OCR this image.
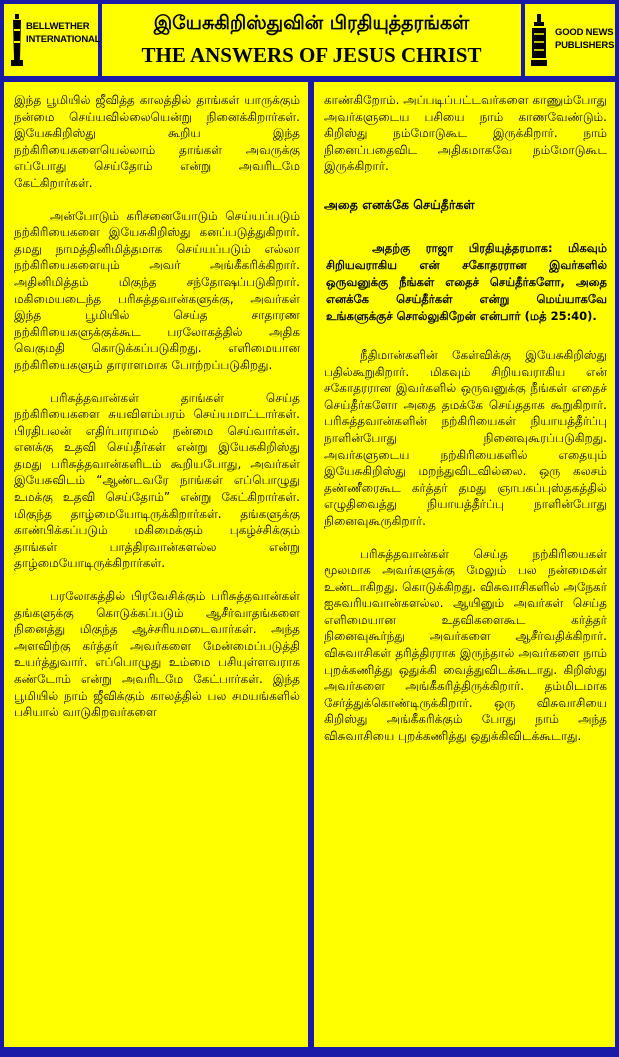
BELLWETHER
INTERNATIONAL
இயேசுகிறிஸ்துவின் பிரதியுத்தரங்கள்
THE ANSWERS OF JESUS CHRIST
GOOD NEWS
PUBLISHERS

இந்த பூமியில் ஜீவித்த காலத்தில் தாங்கள் யாருக்கும் நன்மை செய்யவில்லையென்று நினைக்கிறார்கள். இயேசுகிறிஸ்து கூறிய இந்த நற்கிரியைகளையெல்லாம் தாங்கள் அவருக்கு எப்போது செய்தோம் என்று அவரிடமே கேட்கிறார்கள்.

அன்போடும் கரிசனையோடும் செய்யப்படும் நற்கிரியைகளை இயேசுகிறிஸ்து கனப்படுத்துகிறார். தமது நாமத்தினிமித்தமாக செய்யப்படும் எல்லா நற்கிரியைகளையும் அவர் அங்கீகரிக்கிறார். அதினிமித்தம் மிகுந்த சந்தோஷப்படுகிறார். மகிமையடைந்த பரிசுத்தவான்களுக்கு, அவர்கள் இந்த பூமியில் செய்த சாதாரண நற்கிரியைகளுக்குக்கூட பரலோகத்தில் அதிக வெகுமதி கொடுக்கப்படுகிறது. எளிமையான நற்கிரியைகளும் தாராளமாக போற்றப்படுகிறது.

பரிசுத்தவான்கள் தாங்கள் செய்த நற்கிரியைகளை சுயவிளம்பரம் செய்யமாட்டார்கள். பிரதிபலன் எதிர்பாராமல் நன்மை செய்வார்கள். எனக்கு உதவி செய்தீர்கள் என்று இயேசுகிறிஸ்து தமது பரிசுத்தவான்களிடம் கூறியபோது, அவர்கள் இயேசுவிடம் “ஆண்டவரே நாங்கள் எப்பொழுது உமக்கு உதவி செய்தோம்” என்று கேட்கிறார்கள். மிகுந்த தாழ்மையோடிருக்கிறார்கள். தங்களுக்கு காண்பிக்கப்படும் மகிமைக்கும் புகழ்ச்சிக்கும் தாங்கள் பாத்திரவான்களல்ல என்று தாழ்மையோடிருக்கிறார்கள்.

பரலோகத்தில் பிரவேசிக்கும் பரிசுத்தவான்கள் தங்களுக்கு கொடுக்கப்படும் ஆசீர்வாதங்களை நினைத்து மிகுந்த ஆச்சரியமடைவார்கள். அந்த அளவிற்கு கர்த்தர் அவர்களை மேன்மைப்படுத்தி உயர்த்துவார். எப்பொழுது உம்மை பசியுள்ளவராக கண்டோம் என்று அவரிடமே கேட்பார்கள். இந்த பூமியில் நாம் ஜீவிக்கும் காலத்தில் பல சமயங்களில் பசியால் வாடுகிறவர்களை

காண்கிறோம். அப்படிப்பட்டவர்களை காணும்போது அவர்களுடைய பசியை நாம் காணவேண்டும். கிறிஸ்து நம்மோடுகூட இருக்கிறார். நாம் நினைப்பதைவிட அதிகமாகவே நம்மோடுகூட இருக்கிறார்.

அதை எனக்கே செய்தீர்கள்

அதற்கு ராஜா பிரதியுத்தரமாக: மிகவும் சிறியவராகிய என் சகோதரரான இவர்களில் ஒருவனுக்கு நீங்கள் எதைச் செய்தீர்களோ, அதை எனக்கே செய்தீர்கள் என்று மெய்யாகவே உங்களுக்குச் சொல்லுகிறேன் என்பார் (மத் 25:40).

நீதிமான்களின் கேள்விக்கு இயேசுகிறிஸ்து பதில்கூறுகிறார். மிகவும் சிறியவராகிய என் சகோதரரான இவர்களில் ஒருவனுக்கு நீங்கள் எதைச் செய்தீர்களோ அதை தமக்கே செய்ததாக கூறுகிறார். பரிசுத்தவான்களின் நற்கிரியைகள் நியாயத்தீர்ப்பு நாளின்போது நினைவுகூரப்படுகிறது. அவர்களுடைய நற்கிரியைகளில் எதையும் இயேசுகிறிஸ்து மறந்துவிடவில்லை. ஒரு கலசம் தண்ணீரைகூட கர்த்தர் தமது ஞாபகப்புஸ்தகத்தில் எழுதிவைத்து நியாயத்தீர்ப்பு நாளின்போது நினைவுகூருகிறார்.

பரிசுத்தவான்கள் செய்த நற்கிரியைகள் மூலமாக அவர்களுக்கு மேலும் பல நன்மைகள் உண்டாகிறது. கொடுக்கிறது. விசுவாசிகளில் அநேகர் ஐசுவரியவான்களல்ல. ஆயினும் அவர்கள் செய்த எளிமையான உதவிகளைகூட கர்த்தர் நினைவுகூர்ந்து அவர்களை ஆசீர்வதிக்கிறார். விசுவாசிகள் தரித்திரராக இருந்தால் அவர்களை நாம் புறக்கணித்து ஒதுக்கி வைத்துவிடக்கூடாது. கிறிஸ்து அவர்களை அங்கீகரித்திருக்கிறார். தம்மிடமாக சேர்த்துக்கொண்டிருக்கிறார். ஒரு விசுவாசியை கிறிஸ்து அங்கீகரிக்கும் போது நாம் அந்த விசுவாசியை புறக்கணித்து ஒதுக்கிவிடக்கூடாது.
